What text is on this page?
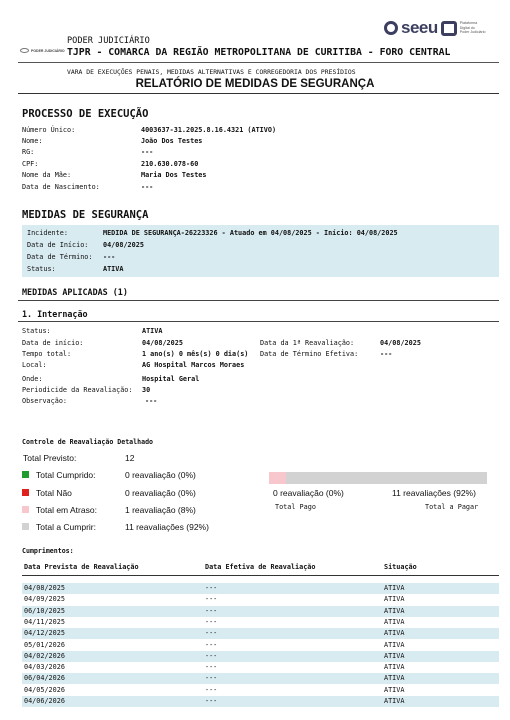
seeu	Plataforma
Digital do
Poder Judiciário
PODER JUDICIÁRIO
PODER JUDICIÁRIO
TJPR - COMARCA DA REGIÃO METROPOLITANA DE CURITIBA - FORO CENTRAL
VARA DE EXECUÇÕES PENAIS, MEDIDAS ALTERNATIVAS E CORREGEDORIA DOS PRESÍDIOS
RELATÓRIO DE MEDIDAS DE SEGURANÇA
PROCESSO DE EXECUÇÃO
Número Único:	4003637-31.2025.8.16.4321 (ATIVO)
Nome:	João Dos Testes
RG:	---
CPF:	210.630.078-60
Nome da Mãe:	Maria Dos Testes
Data de Nascimento:	---
MEDIDAS DE SEGURANÇA
Incidente:	MEDIDA DE SEGURANÇA-26223326 - Atuado em 04/08/2025 - Início: 04/08/2025
Data de Início: 04/08/2025
Data de Término: ---
Status:	ATIVA
MEDIDAS APLICADAS (1)
1. Internação
Status:	ATIVA
Data de início:	04/08/2025
Tempo total:	1 ano(s) 0 mês(s) 0 dia(s)
Local:	AG Hospital Marcos Moraes
Onde:	Hospital Geral
Periodicide da Reavaliação: 30
Observação:	---
Data da 1ª Reavaliação:	04/08/2025
Data de Término Efetiva:	---
Controle de Reavaliação Detalhado
Total Previsto:	12
Total Cumprido:	0 reavaliação (0%)
Total Não	0 reavaliação (0%)
Total em Atraso:	1 reavaliação (8%)
Total a Cumprir:	11 reavaliações (92%)
0 reavaliação (0%)	11 reavaliações (92%)
Total Pago	Total a Pagar
Cumprimentos:
Data Prevista de Reavaliação	Data Efetiva de Reavaliação	Situação
04/08/2025	---	ATIVA
04/09/2025	---	ATIVA
06/10/2025	---	ATIVA
04/11/2025	---	ATIVA
04/12/2025	---	ATIVA
05/01/2026	---	ATIVA
04/02/2026	---	ATIVA
04/03/2026	---	ATIVA
06/04/2026	---	ATIVA
04/05/2026	---	ATIVA
04/06/2026	---	ATIVA
